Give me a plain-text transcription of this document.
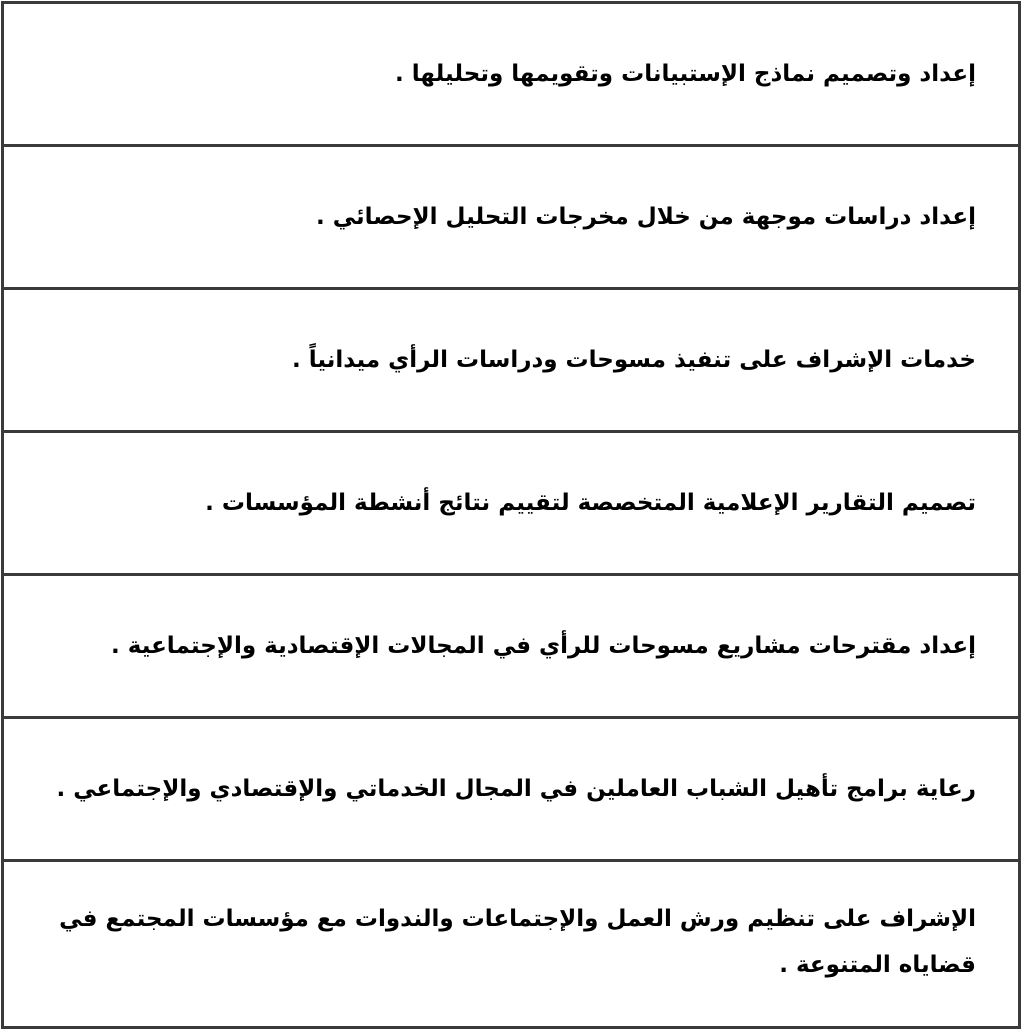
إعداد وتصميم نماذج الإستبيانات وتقويمها وتحليلها .
إعداد دراسات موجهة من خلال مخرجات التحليل الإحصائي .
خدمات الإشراف على تنفيذ مسوحات ودراسات الرأي ميدانياً .
تصميم التقارير الإعلامية المتخصصة لتقييم نتائج أنشطة المؤسسات .
إعداد مقترحات مشاريع مسوحات للرأي في المجالات الإقتصادية والإجتماعية .
رعاية برامج تأهيل الشباب العاملين في المجال الخدماتي والإقتصادي والإجتماعي .
الإشراف على تنظيم ورش العمل والإجتماعات والندوات مع مؤسسات المجتمع في قضاياه المتنوعة .
